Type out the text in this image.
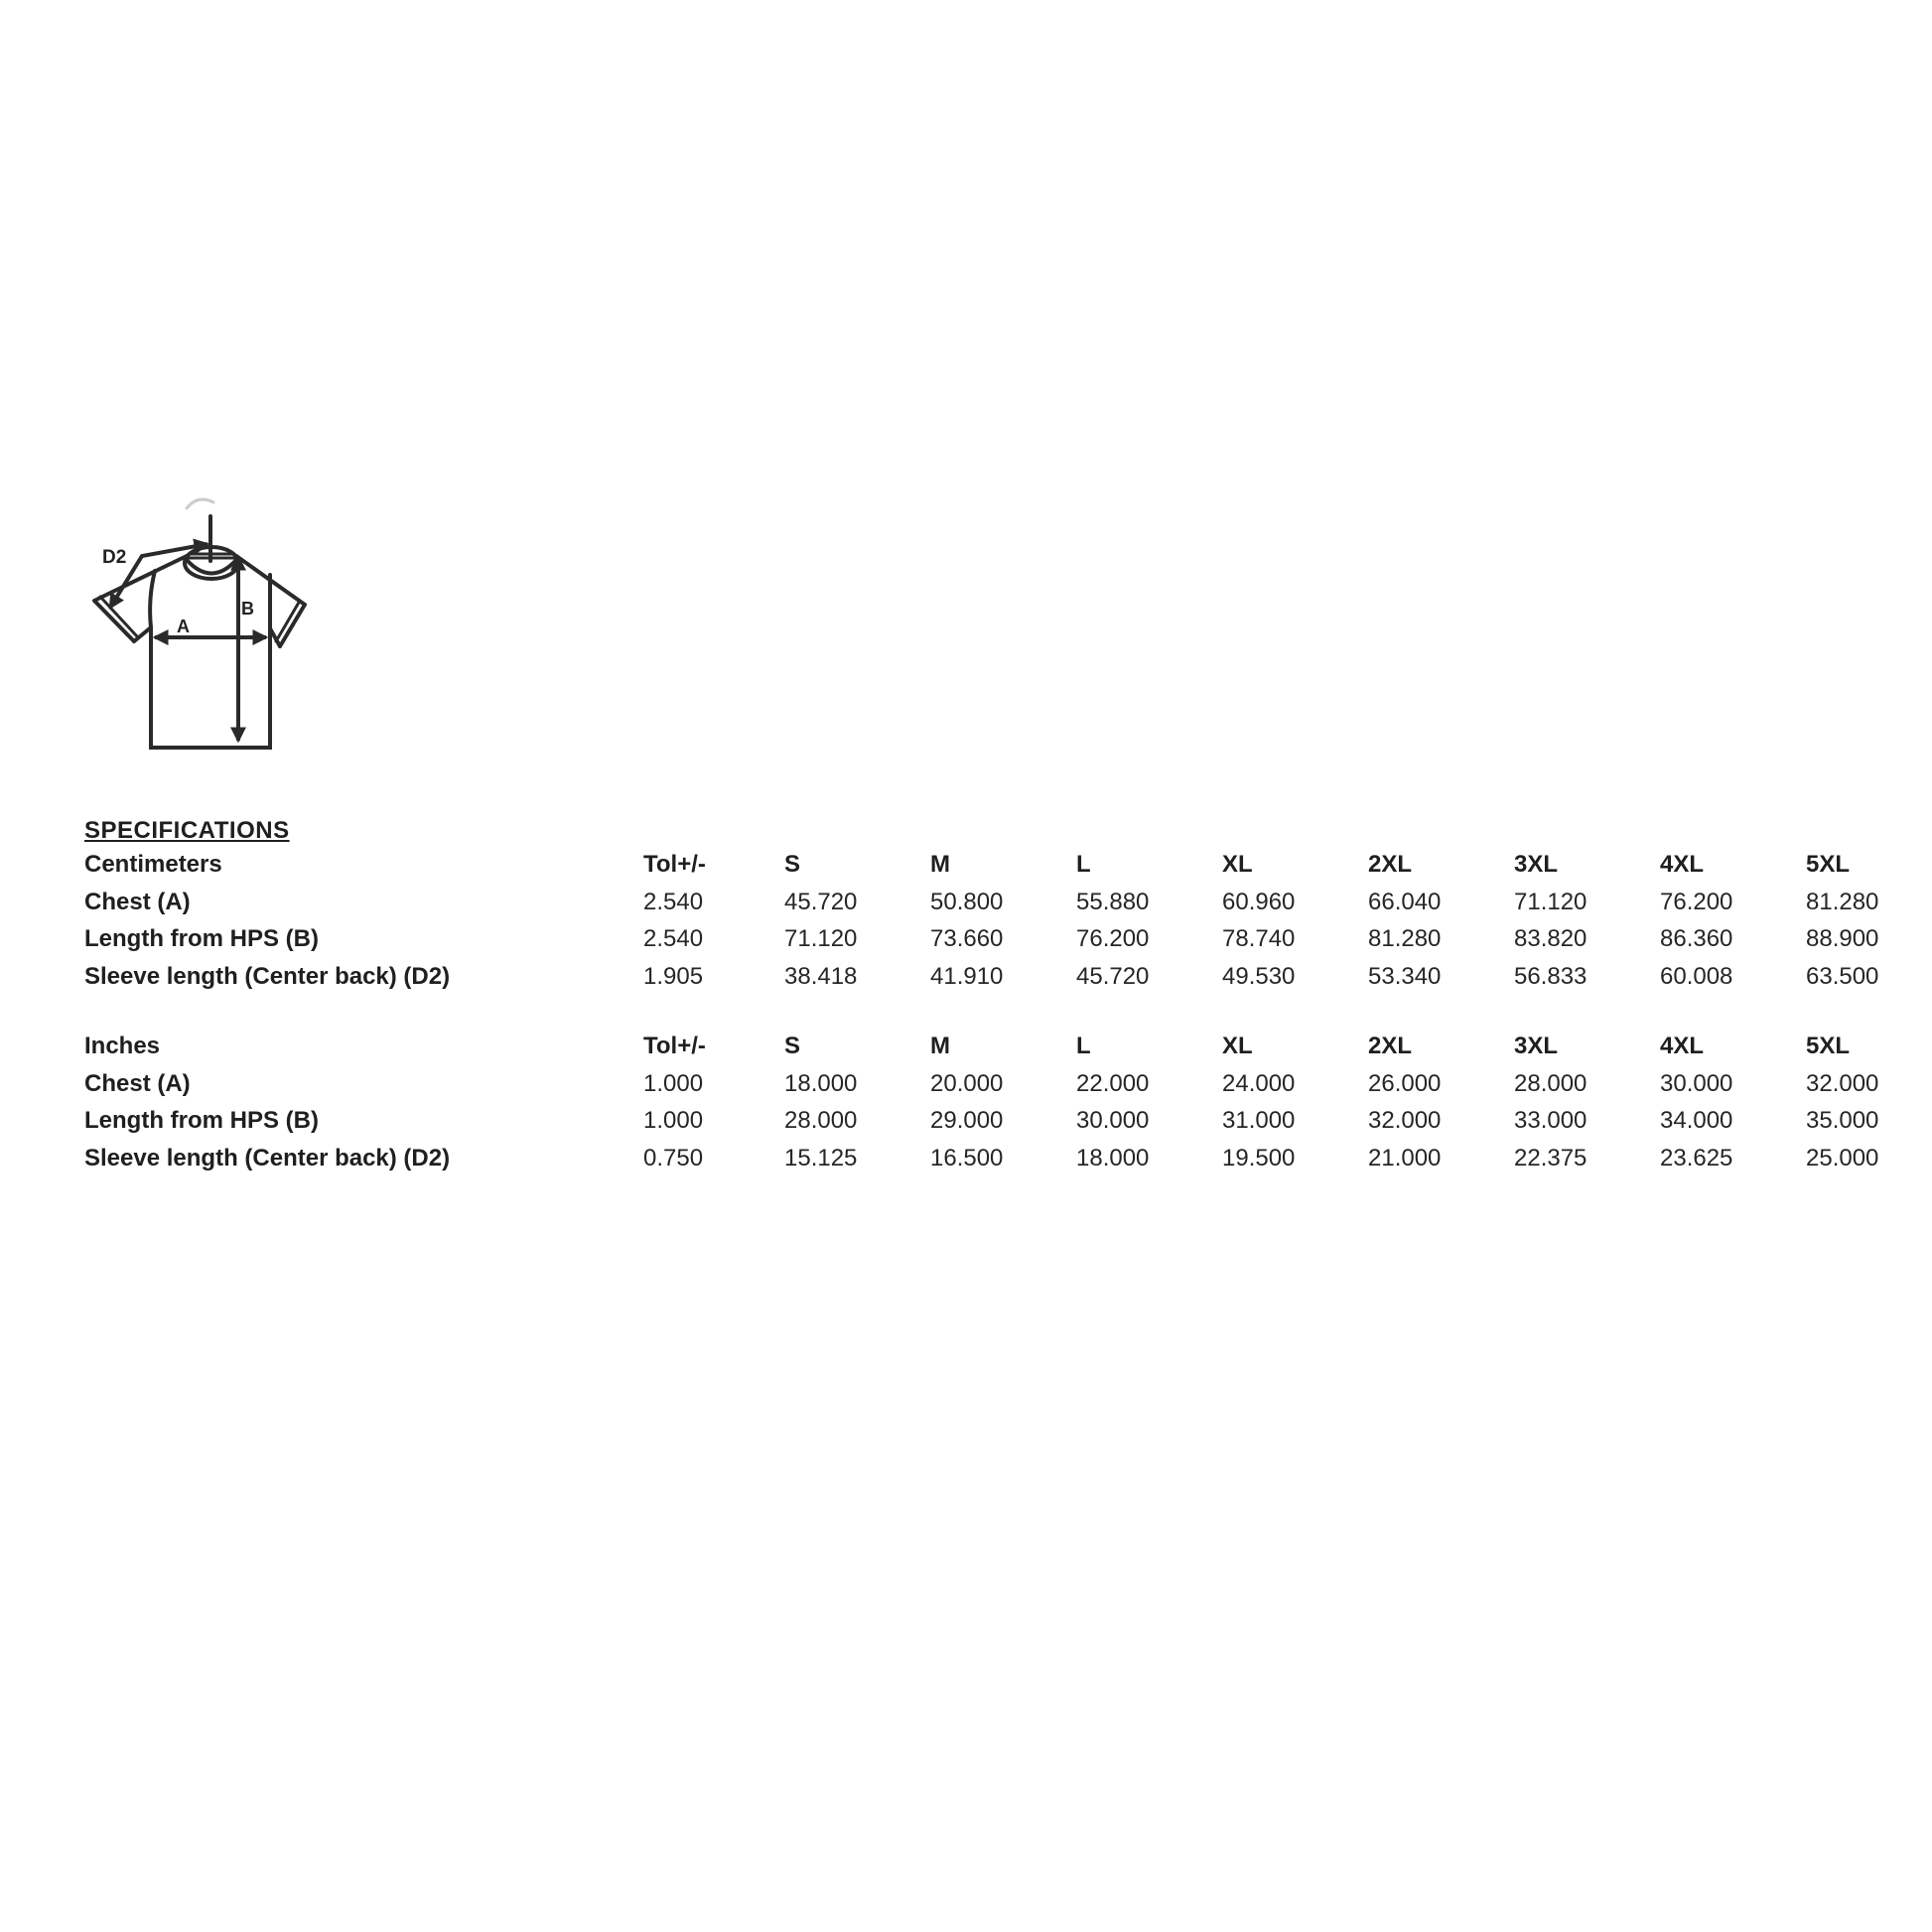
D2
A
B
SPECIFICATIONS
Centimeters	Tol+/-	S	M	L	XL	2XL	3XL	4XL	5XL
Chest (A)	2.540	45.720	50.800	55.880	60.960	66.040	71.120	76.200	81.280
Length from HPS (B)	2.540	71.120	73.660	76.200	78.740	81.280	83.820	86.360	88.900
Sleeve length (Center back) (D2)	1.905	38.418	41.910	45.720	49.530	53.340	56.833	60.008	63.500
Inches	Tol+/-	S	M	L	XL	2XL	3XL	4XL	5XL
Chest (A)	1.000	18.000	20.000	22.000	24.000	26.000	28.000	30.000	32.000
Length from HPS (B)	1.000	28.000	29.000	30.000	31.000	32.000	33.000	34.000	35.000
Sleeve length (Center back) (D2)	0.750	15.125	16.500	18.000	19.500	21.000	22.375	23.625	25.000
